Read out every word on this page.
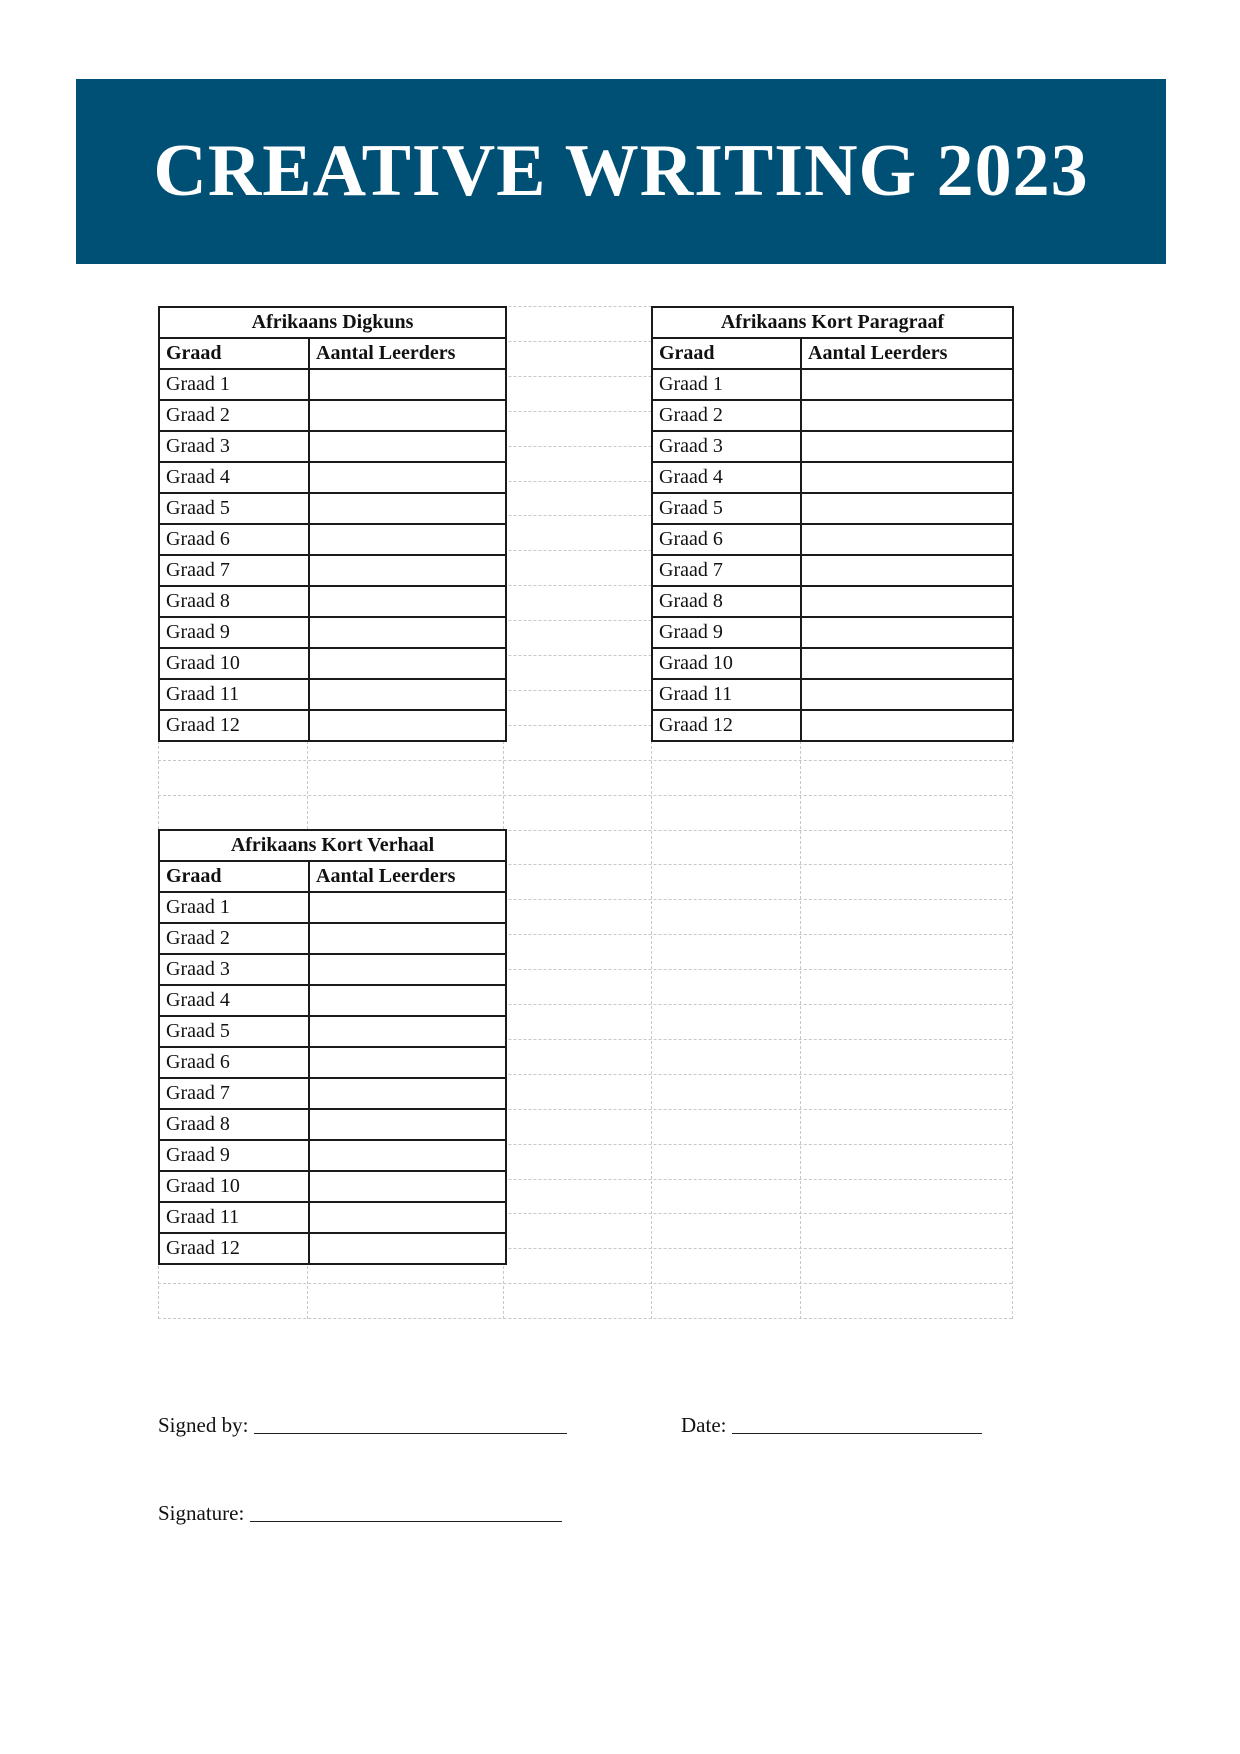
CREATIVE WRITING 2023
Afrikaans Digkuns	
Graad	Aantal Leerders
Graad 1	
Graad 2	
Graad 3	
Graad 4	
Graad 5	
Graad 6	
Graad 7	
Graad 8	
Graad 9	
Graad 10	
Graad 11	
Graad 12	
Afrikaans Kort Paragraaf	
Graad	Aantal Leerders
Graad 1	
Graad 2	
Graad 3	
Graad 4	
Graad 5	
Graad 6	
Graad 7	
Graad 8	
Graad 9	
Graad 10	
Graad 11	
Graad 12	
Afrikaans Kort Verhaal	
Graad	Aantal Leerders
Graad 1	
Graad 2	
Graad 3	
Graad 4	
Graad 5	
Graad 6	
Graad 7	
Graad 8	
Graad 9	
Graad 10	
Graad 11	
Graad 12	
Signed by:	Date:
Signature:
